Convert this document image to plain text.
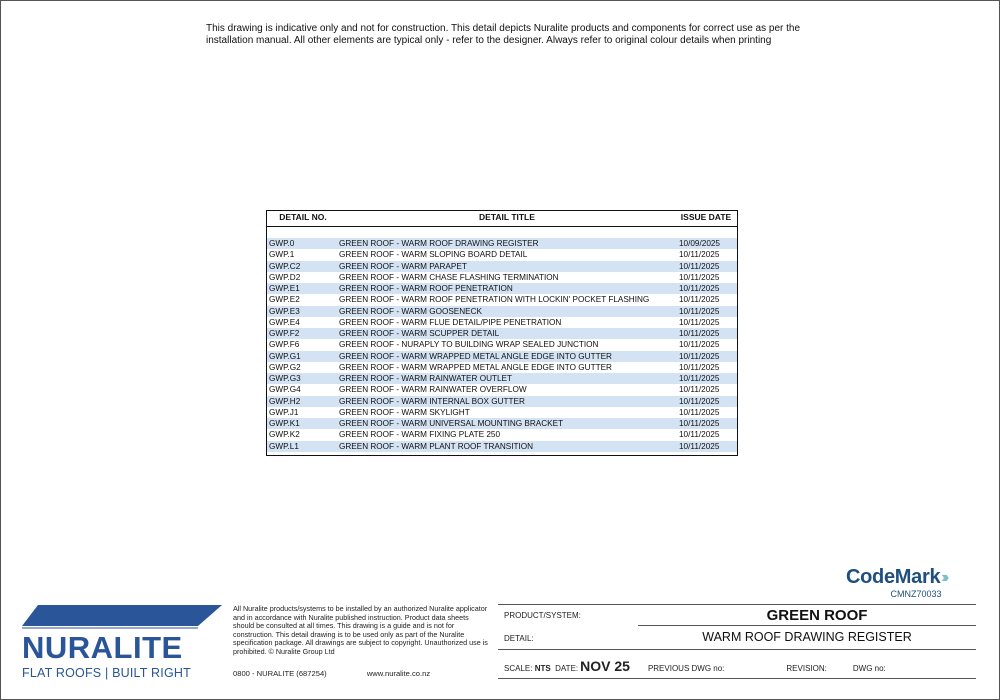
This drawing is indicative only and not for construction. This detail depicts Nuralite products and components for correct use as per the installation manual. All other elements are typical only - refer to the designer. Always refer to original colour details when printing
DETAIL NO.	DETAIL TITLE	ISSUE DATE
GWP.0	GREEN ROOF - WARM ROOF DRAWING REGISTER	10/09/2025
GWP.1	GREEN ROOF - WARM SLOPING BOARD DETAIL	10/11/2025
GWP.C2	GREEN ROOF - WARM PARAPET	10/11/2025
GWP.D2	GREEN ROOF - WARM CHASE FLASHING TERMINATION	10/11/2025
GWP.E1	GREEN ROOF - WARM ROOF PENETRATION	10/11/2025
GWP.E2	GREEN ROOF - WARM ROOF PENETRATION WITH LOCKIN' POCKET FLASHING	10/11/2025
GWP.E3	GREEN ROOF - WARM GOOSENECK	10/11/2025
GWP.E4	GREEN ROOF - WARM FLUE DETAIL/PIPE PENETRATION	10/11/2025
GWP.F2	GREEN ROOF - WARM SCUPPER DETAIL	10/11/2025
GWP.F6	GREEN ROOF - NURAPLY TO BUILDING WRAP SEALED JUNCTION	10/11/2025
GWP.G1	GREEN ROOF - WARM WRAPPED METAL ANGLE EDGE INTO GUTTER	10/11/2025
GWP.G2	GREEN ROOF - WARM WRAPPED METAL ANGLE EDGE INTO GUTTER	10/11/2025
GWP.G3	GREEN ROOF - WARM RAINWATER OUTLET	10/11/2025
GWP.G4	GREEN ROOF - WARM RAINWATER OVERFLOW	10/11/2025
GWP.H2	GREEN ROOF - WARM INTERNAL BOX GUTTER	10/11/2025
GWP.J1	GREEN ROOF - WARM SKYLIGHT	10/11/2025
GWP.K1	GREEN ROOF - WARM UNIVERSAL MOUNTING BRACKET	10/11/2025
GWP.K2	GREEN ROOF - WARM FIXING PLATE 250	10/11/2025
GWP.L1	GREEN ROOF - WARM PLANT ROOF TRANSITION	10/11/2025
CodeMark ›››
CMNZ70033
NURALITE
FLAT ROOFS | BUILT RIGHT
All Nuralite products/systems to be installed by an authorized Nuralite applicator and in accordance with Nuralite published instruction. Product data sheets should be consulted at all times. This drawing is a guide and is not for construction. This detail drawing is to be used only as part of the Nuralite specification package. All drawings are subject to copyright. Unauthorized use is prohibited. © Nuralite Group Ltd
0800 - NURALITE (687254)	www.nuralite.co.nz
PRODUCT/SYSTEM:	GREEN ROOF
DETAIL:	WARM ROOF DRAWING REGISTER
SCALE:
NTS
DATE: NOV 25 PREVIOUS DWG no:	REVISION:	DWG no:
